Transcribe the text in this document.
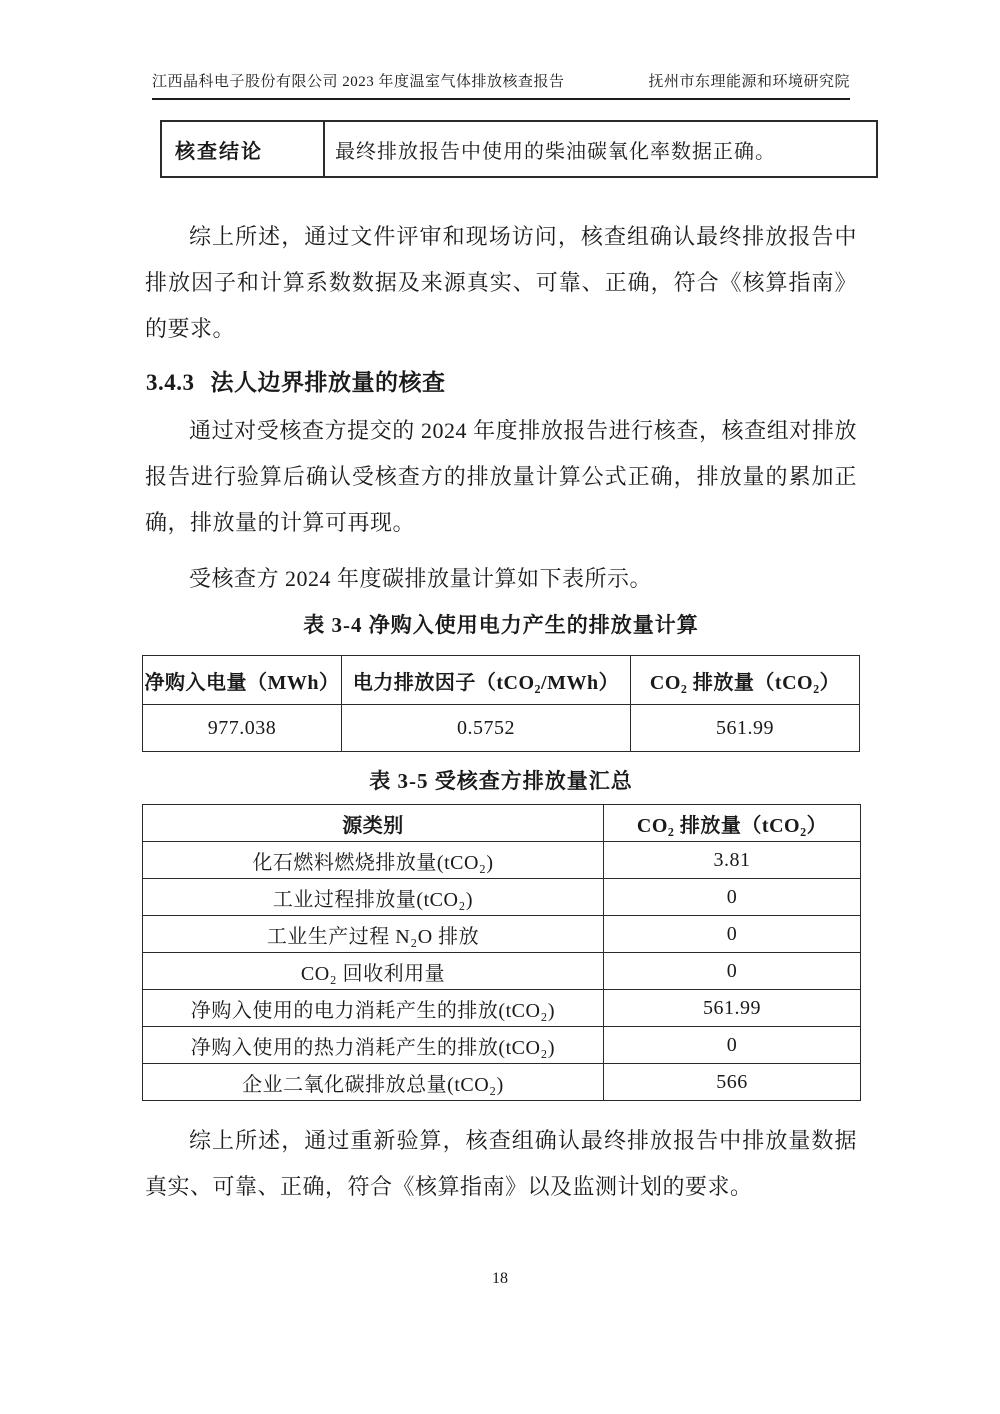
江西晶科电子股份有限公司 2023 年度温室气体排放核查报告	抚州市东理能源和环境研究院
核查结论	最终排放报告中使用的柴油碳氧化率数据正确。

综上所述，通过文件评审和现场访问，核查组确认最终排放报告中排放因子和计算系数数据及来源真实、可靠、正确，符合《核算指南》的要求。

3.4.3 法人边界排放量的核查

通过对受核查方提交的 2024 年度排放报告进行核查，核查组对排放报告进行验算后确认受核查方的排放量计算公式正确，排放量的累加正确，排放量的计算可再现。

受核查方 2024 年度碳排放量计算如下表所示。

表 3-4 净购入使用电力产生的排放量计算
净购入电量（MWh）	电力排放因子（tCO₂/MWh）	CO₂ 排放量（tCO₂）
977.038	0.5752	561.99
表 3-5 受核查方排放量汇总
源类别	CO₂ 排放量（tCO₂）
化石燃料燃烧排放量(tCO₂)	3.81
工业过程排放量(tCO₂)	0
工业生产过程 N₂O 排放	0
CO₂ 回收利用量	0
净购入使用的电力消耗产生的排放(tCO₂)	561.99
净购入使用的热力消耗产生的排放(tCO₂)	0
企业二氧化碳排放总量(tCO₂)	566

综上所述，通过重新验算，核查组确认最终排放报告中排放量数据真实、可靠、正确，符合《核算指南》以及监测计划的要求。

18
